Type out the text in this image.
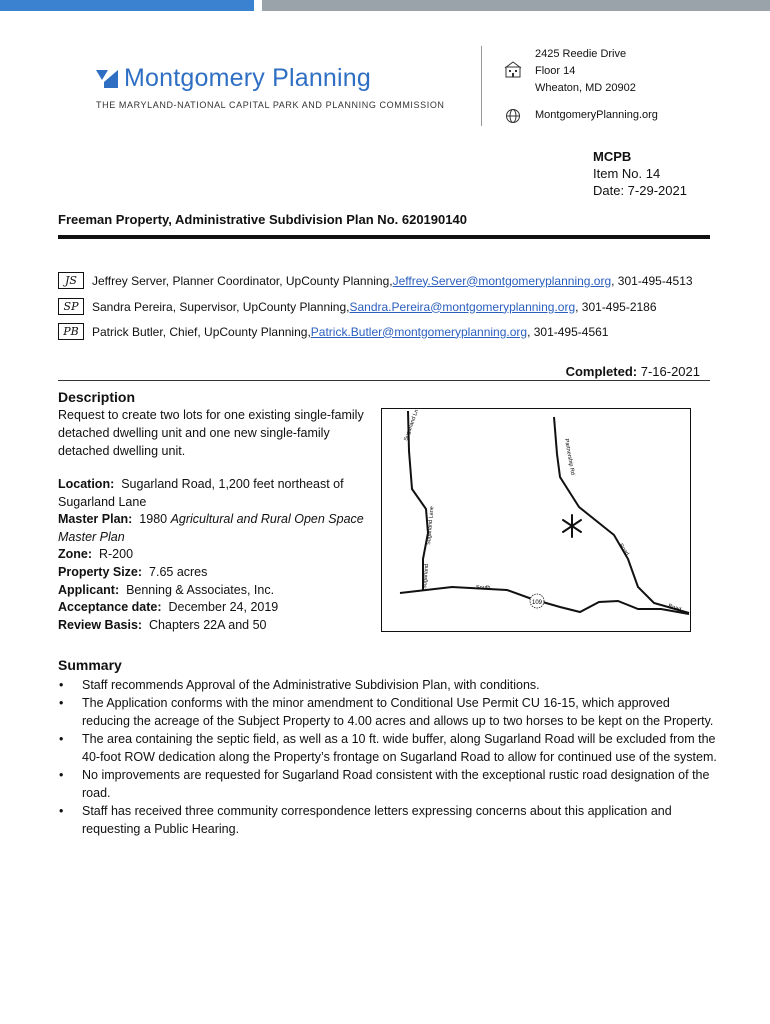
Montgomery Planning
THE MARYLAND-NATIONAL CAPITAL PARK AND PLANNING COMMISSION
2425 Reedie Drive
Floor 14
Wheaton, MD 20902
MontgomeryPlanning.org
MCPB
Item No. 14
Date: 7-29-2021
Freeman Property, Administrative Subdivision Plan No. 620190140
JS	Jeffrey Server, Planner Coordinator, UpCounty Planning, Jeffrey.Server@montgomeryplanning.org , 301-495-4513
SP	Sandra Pereira, Supervisor, UpCounty Planning, Sandra.Pereira@montgomeryplanning.org , 301-495-2186
PB	Patrick Butler, Chief, UpCounty Planning, Patrick.Butler@montgomeryplanning.org , 301-495-4561
Completed: 7-16-2021
Description
Request to create two lots for one existing single-family detached dwelling unit and one new single-family detached dwelling unit.
Location: Sugarland Road, 1,200 feet northeast of Sugarland Lane
Master Plan: 1980 Agricultural and Rural Open Space Master Plan
Zone: R-200
Property Size: 7.65 acres
Applicant: Benning & Associates, Inc.
Acceptance date: December 24, 2019
Review Basis: Chapters 22A and 50
109
Sugarland Ln
Partnership Rd
Sugarland Lane
Sugarland	South
Road
Road
Summary
• Staff recommends Approval of the Administrative Subdivision Plan, with conditions.
• The Application conforms with the minor amendment to Conditional Use Permit CU 16-15, which approved reducing the acreage of the Subject Property to 4.00 acres and allows up to two horses to be kept on the Property.
• The area containing the septic field, as well as a 10 ft. wide buffer, along Sugarland Road will be excluded from the 40-foot ROW dedication along the Property’s frontage on Sugarland Road to allow for continued use of the system.
• No improvements are requested for Sugarland Road consistent with the exceptional rustic road designation of the road.
• Staff has received three community correspondence letters expressing concerns about this application and requesting a Public Hearing.
